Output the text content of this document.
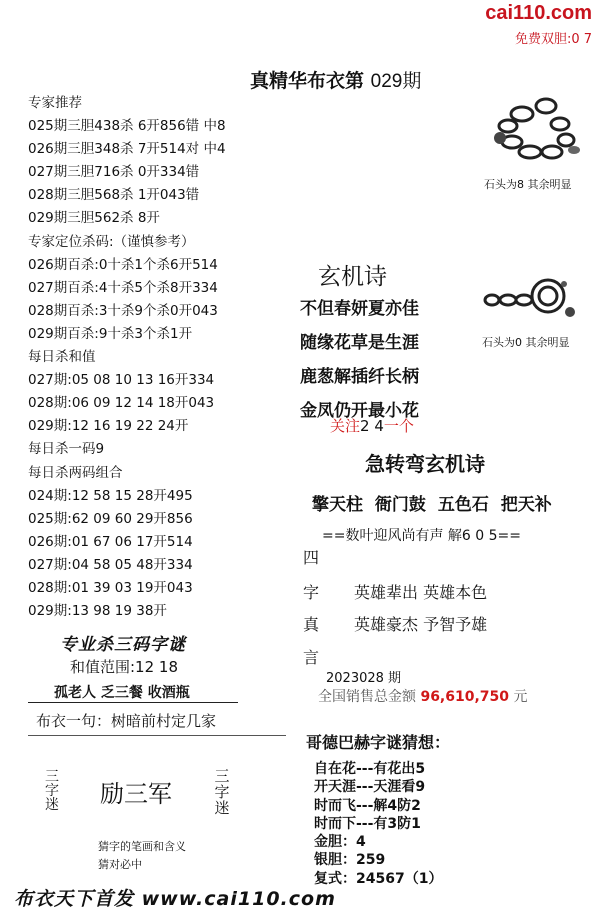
cai110.com
免费双胆:0 7
真精华布衣第 029期
专家推荐
025期三胆438杀 6开856错 中8
026期三胆348杀 7开514对 中4
027期三胆716杀 0开334错
028期三胆568杀 1开043错
029期三胆562杀 8开
专家定位杀码:（谨慎参考）
026期百杀:0十杀1个杀6开514
027期百杀:4十杀5个杀8开334
028期百杀:3十杀9个杀0开043
029期百杀:9十杀3个杀1开
每日杀和值
027期:05 08 10 13 16开334
028期:06 09 12 14 18开043
029期:12 16 19 22 24开
每日杀一码9
每日杀两码组合
024期:12 58 15 28开495
025期:62 09 60 29开856
026期:01 67 06 17开514
027期:04 58 05 48开334
028期:01 39 03 19开043
029期:13 98 19 38开
专业杀三码字谜
和值范围:12 18
孤老人 乏三餐 收酒瓶
布衣一句：树暗前村定几家
三字迷 励三军
三字迷
猜字的笔画和含义
猜对必中
布衣天下首发 www.cai110.com
石头为8 其余明显
石头为0 其余明显
玄机诗
不但春妍夏亦佳
随缘花草是生涯
鹿葱解插纤长柄
金凤仍开最小花
关注2 4一个
急转弯玄机诗
擎天柱 衙门鼓 五色石 把天补
==数叶迎风尚有声 解6 0 5==
四
字
真
言
英雄辈出 英雄本色
英雄豪杰 予智予雄
2023028 期
全国销售总金额 96,610,750 元
哥德巴赫字谜猜想：
自在花---有花出5
开天涯---天涯看9
时而飞---解4防2
时而下---有3防1
金胆：4
银胆：259
复式：24567（1）
